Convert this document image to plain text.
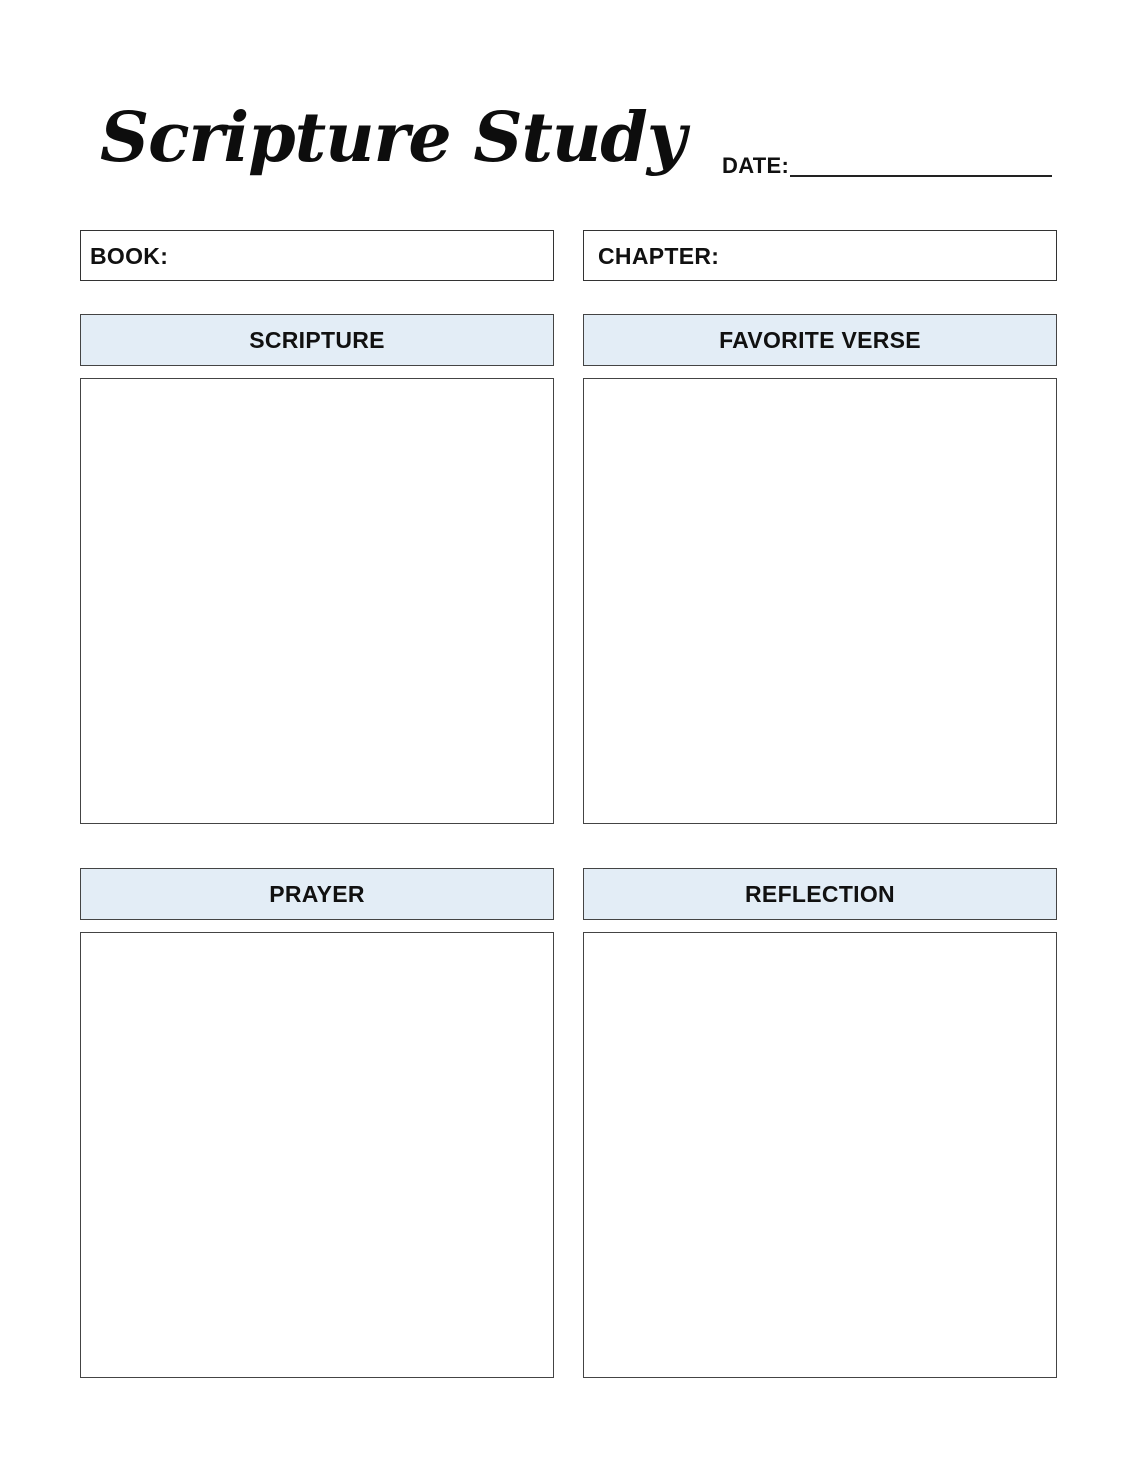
Scripture Study DATE:
BOOK:	CHAPTER:
SCRIPTURE	FAVORITE VERSE
PRAYER	REFLECTION
